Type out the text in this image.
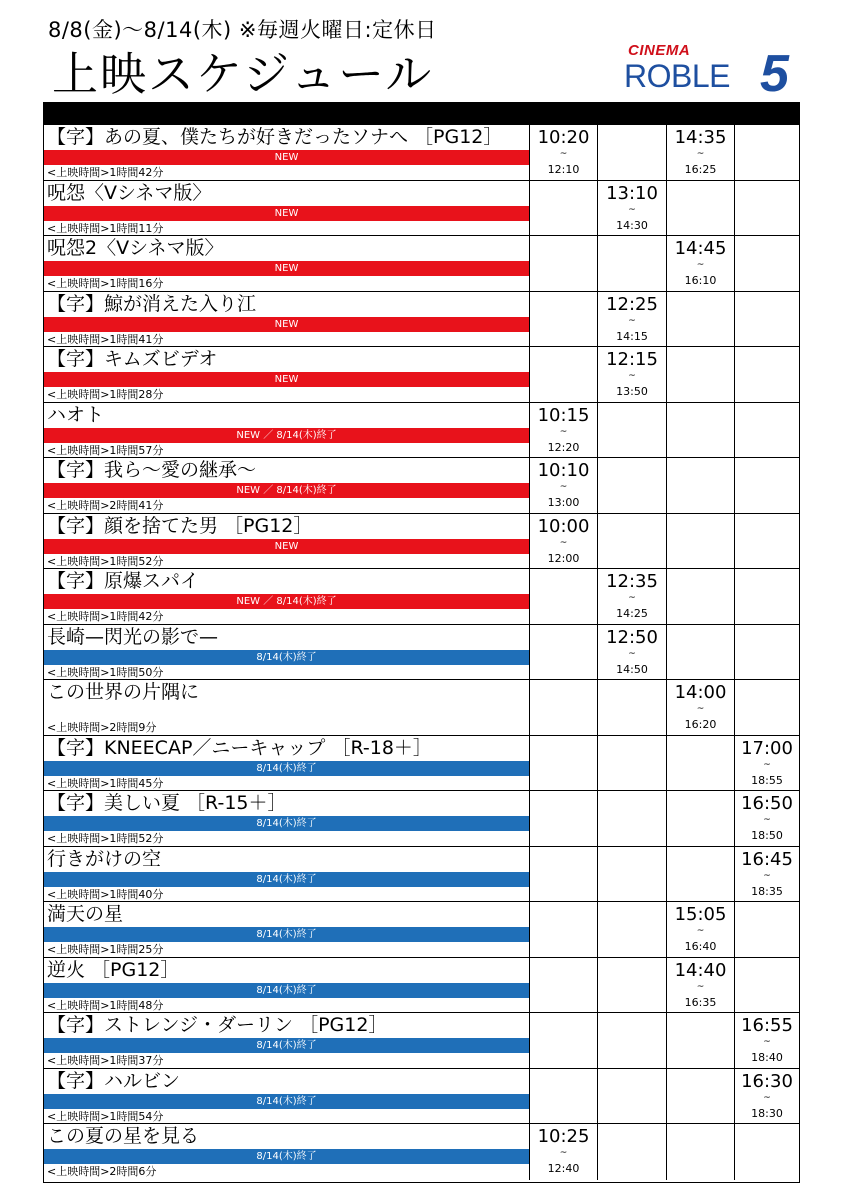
8/8(金)〜8/14(木) ※毎週火曜日:定休日
上映スケジュール	CINEMA
ROBLE 5
【字】あの夏、僕たちが好きだったソナへ ［PG12］
NEW
<上映時間>1時間42分
10:20
~
12:10
14:35
~
16:25
呪怨〈Vシネマ版〉
NEW
<上映時間>1時間11分
13:10
~
14:30
呪怨2〈Vシネマ版〉
NEW
<上映時間>1時間16分
14:45
~
16:10
【字】鯨が消えた入り江
NEW
<上映時間>1時間41分
12:25
~
14:15
【字】キムズビデオ
NEW
<上映時間>1時間28分
12:15
~
13:50
ハオト
NEW ／ 8/14(木)終了
<上映時間>1時間57分
10:15
~
12:20
【字】我ら〜愛の継承〜
NEW ／ 8/14(木)終了
<上映時間>2時間41分
10:10
~
13:00
【字】顔を捨てた男 ［PG12］
NEW
<上映時間>1時間52分
10:00
~
12:00
【字】原爆スパイ
NEW ／ 8/14(木)終了
<上映時間>1時間42分
12:35
~
14:25
長崎—閃光の影で—
8/14(木)終了
<上映時間>1時間50分
12:50
~
14:50
この世界の片隅に
<上映時間>2時間9分
14:00
~
16:20
【字】KNEECAP／ニーキャップ ［R-18＋］
8/14(木)終了
<上映時間>1時間45分
17:00
~
18:55
【字】美しい夏 ［R-15＋］
8/14(木)終了
<上映時間>1時間52分
16:50
~
18:50
行きがけの空
8/14(木)終了
<上映時間>1時間40分
16:45
~
18:35
満天の星
8/14(木)終了
<上映時間>1時間25分
15:05
~
16:40
逆火 ［PG12］
8/14(木)終了
<上映時間>1時間48分
14:40
~
16:35
【字】ストレンジ・ダーリン ［PG12］
8/14(木)終了
<上映時間>1時間37分
16:55
~
18:40
【字】ハルビン
8/14(木)終了
<上映時間>1時間54分
16:30
~
18:30
この夏の星を見る
8/14(木)終了
<上映時間>2時間6分
10:25
~
12:40
